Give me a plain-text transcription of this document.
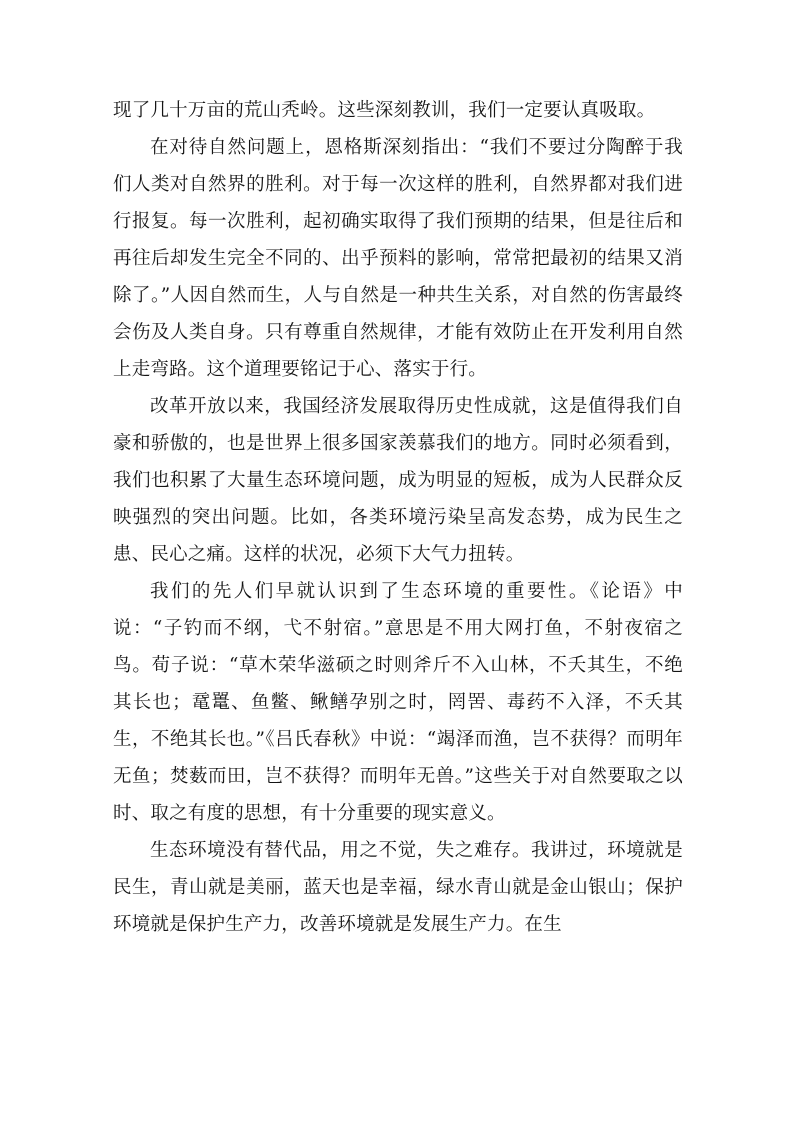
现了几十万亩的荒山秃岭。这些深刻教训，我们一定要认真吸取。

在对待自然问题上，恩格斯深刻指出：“我们不要过分陶醉于我们人类对自然界的胜利。对于每一次这样的胜利，自然界都对我们进行报复。每一次胜利，起初确实取得了我们预期的结果，但是往后和再往后却发生完全不同的、出乎预料的影响，常常把最初的结果又消除了。”人因自然而生，人与自然是一种共生关系，对自然的伤害最终会伤及人类自身。只有尊重自然规律，才能有效防止在开发利用自然上走弯路。这个道理要铭记于心、落实于行。

改革开放以来，我国经济发展取得历史性成就，这是值得我们自豪和骄傲的，也是世界上很多国家羡慕我们的地方。同时必须看到，我们也积累了大量生态环境问题，成为明显的短板，成为人民群众反映强烈的突出问题。比如，各类环境污染呈高发态势，成为民生之患、民心之痛。这样的状况，必须下大气力扭转。

我们的先人们早就认识到了生态环境的重要性。《论语》中说：“子钓而不纲，弋不射宿。”意思是不用大网打鱼，不射夜宿之鸟。荀子说：“草木荣华滋硕之时则斧斤不入山林，不夭其生，不绝其长也；鼋鼍、鱼鳖、鳅鳝孕别之时，罔罟、毒药不入泽，不夭其生，不绝其长也。”《吕氏春秋》中说：“竭泽而渔，岂不获得？而明年无鱼；焚薮而田，岂不获得？而明年无兽。”这些关于对自然要取之以时、取之有度的思想，有十分重要的现实意义。

生态环境没有替代品，用之不觉，失之难存。我讲过，环境就是民生，青山就是美丽，蓝天也是幸福，绿水青山就是金山银山；保护环境就是保护生产力，改善环境就是发展生产力。在生
